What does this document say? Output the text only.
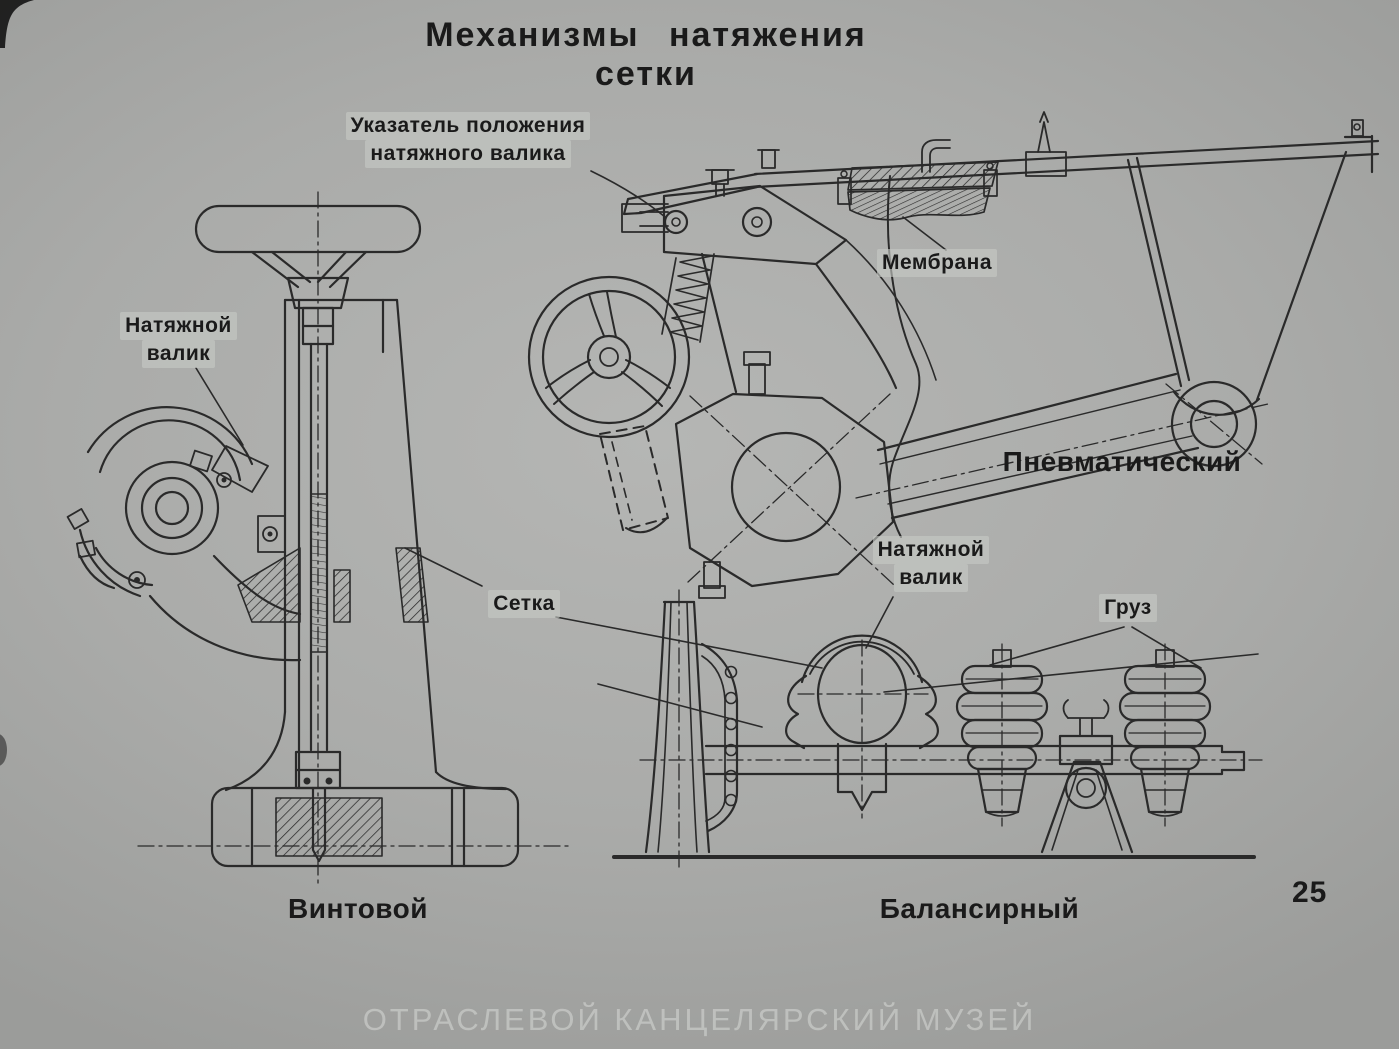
Механизмы натяжения сетки
Указатель положения
натяжного валика
Натяжной
валик
Мембрана
Натяжной
валик
Сетка	Груз
Винтовой
Пневматический
Балансирный	25
ОТРАСЛЕВОЙ КАНЦЕЛЯРСКИЙ МУЗЕЙ
